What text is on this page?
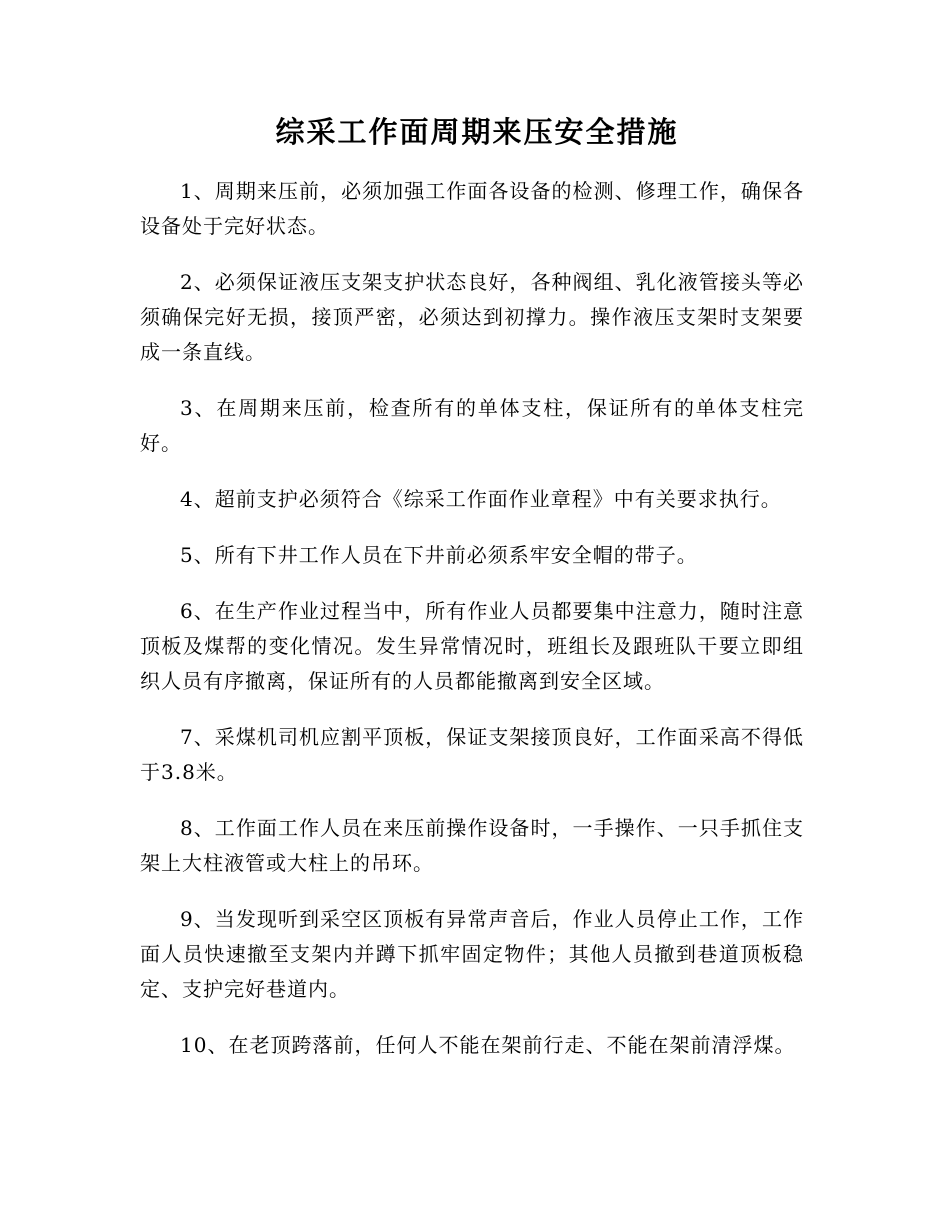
综采工作面周期来压安全措施

1、周期来压前，必须加强工作面各设备的检测、修理工作，确保各设备处于完好状态。

2、必须保证液压支架支护状态良好，各种阀组、乳化液管接头等必须确保完好无损，接顶严密，必须达到初撑力。操作液压支架时支架要成一条直线。

3、在周期来压前，检查所有的单体支柱，保证所有的单体支柱完好。

4、超前支护必须符合《综采工作面作业章程》中有关要求执行。

5、所有下井工作人员在下井前必须系牢安全帽的带子。

6、在生产作业过程当中，所有作业人员都要集中注意力，随时注意顶板及煤帮的变化情况。发生异常情况时，班组长及跟班队干要立即组织人员有序撤离，保证所有的人员都能撤离到安全区域。

7、采煤机司机应割平顶板，保证支架接顶良好，工作面采高不得低于3.8米。

8、工作面工作人员在来压前操作设备时，一手操作、一只手抓住支架上大柱液管或大柱上的吊环。

9、当发现听到采空区顶板有异常声音后，作业人员停止工作，工作面人员快速撤至支架内并蹲下抓牢固定物件；其他人员撤到巷道顶板稳定、支护完好巷道内。

10、在老顶跨落前，任何人不能在架前行走、不能在架前清浮煤。
